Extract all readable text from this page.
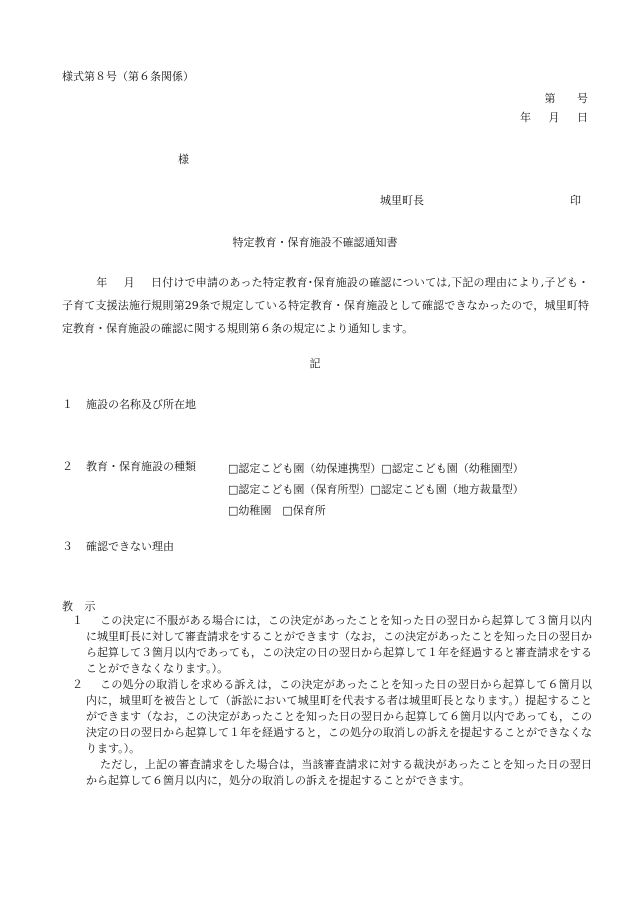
様式第８号（第６条関係）
第 号
年 月 日
様
城里町長	印
特定教育・保育施設不確認通知書
年 月 日付けで申請のあった特定教育･保育施設の確認については,下記の理由により,子ども・子育て支援法施行規則第29条で規定している特定教育・保育施設として確認できなかったので，城里町特定教育・保育施設の確認に関する規則第６条の規定により通知します。
記
１ 施設の名称及び所在地
２ 教育・保育施設の種類	□認定こども園（幼保連携型）□認定こども園（幼稚園型）
□認定こども園（保育所型）□認定こども園（地方裁量型）
□幼稚園　□保育所
３ 確認できない理由
教 示

１ この決定に不服がある場合には，この決定があったことを知った日の翌日から起算して３箇月以内に城里町長に対して審査請求をすることができます（なお，この決定があったことを知った日の翌日から起算して３箇月以内であっても，この決定の日の翌日から起算して１年を経過すると審査請求をすることができなくなります。）。

２ この処分の取消しを求める訴えは，この決定があったことを知った日の翌日から起算して６箇月以内に，城里町を被告として（訴訟において城里町を代表する者は城里町長となります。）提起することができます（なお，この決定があったことを知った日の翌日から起算して６箇月以内であっても，この決定の日の翌日から起算して１年を経過すると，この処分の取消しの訴えを提起することができなくなります。）。

ただし，上記の審査請求をした場合は，当該審査請求に対する裁決があったことを知った日の翌日から起算して６箇月以内に，処分の取消しの訴えを提起することができます。
